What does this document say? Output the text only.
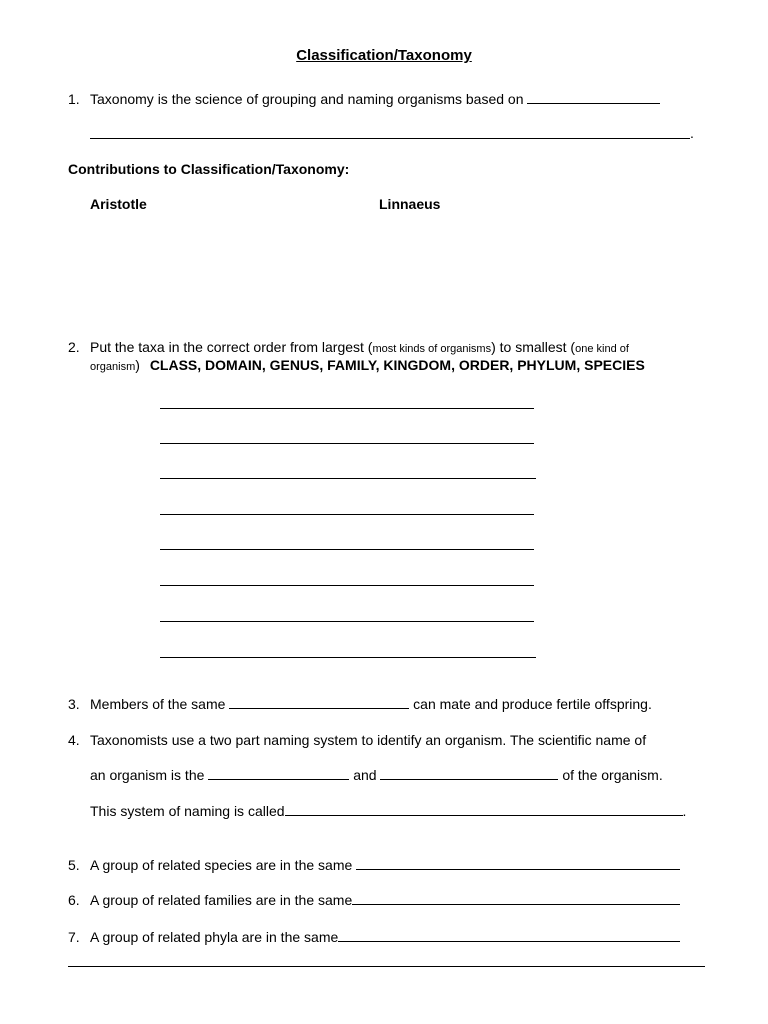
Classification/Taxonomy
1. Taxonomy is the science of grouping and naming organisms based on
.
Contributions to Classification/Taxonomy:
Aristotle	Linnaeus
2. Put the taxa in the correct order from largest (most kinds of organisms) to smallest (one kind of
organism) CLASS, DOMAIN, GENUS, FAMILY, KINGDOM, ORDER, PHYLUM, SPECIES
3. Members of the same	can mate and produce fertile offspring.
4. Taxonomists use a two part naming system to identify an organism. The scientific name of
an organism is the	and	of the organism.
This system of naming is called	.
5. A group of related species are in the same
6. A group of related families are in the same
7. A group of related phyla are in the same
